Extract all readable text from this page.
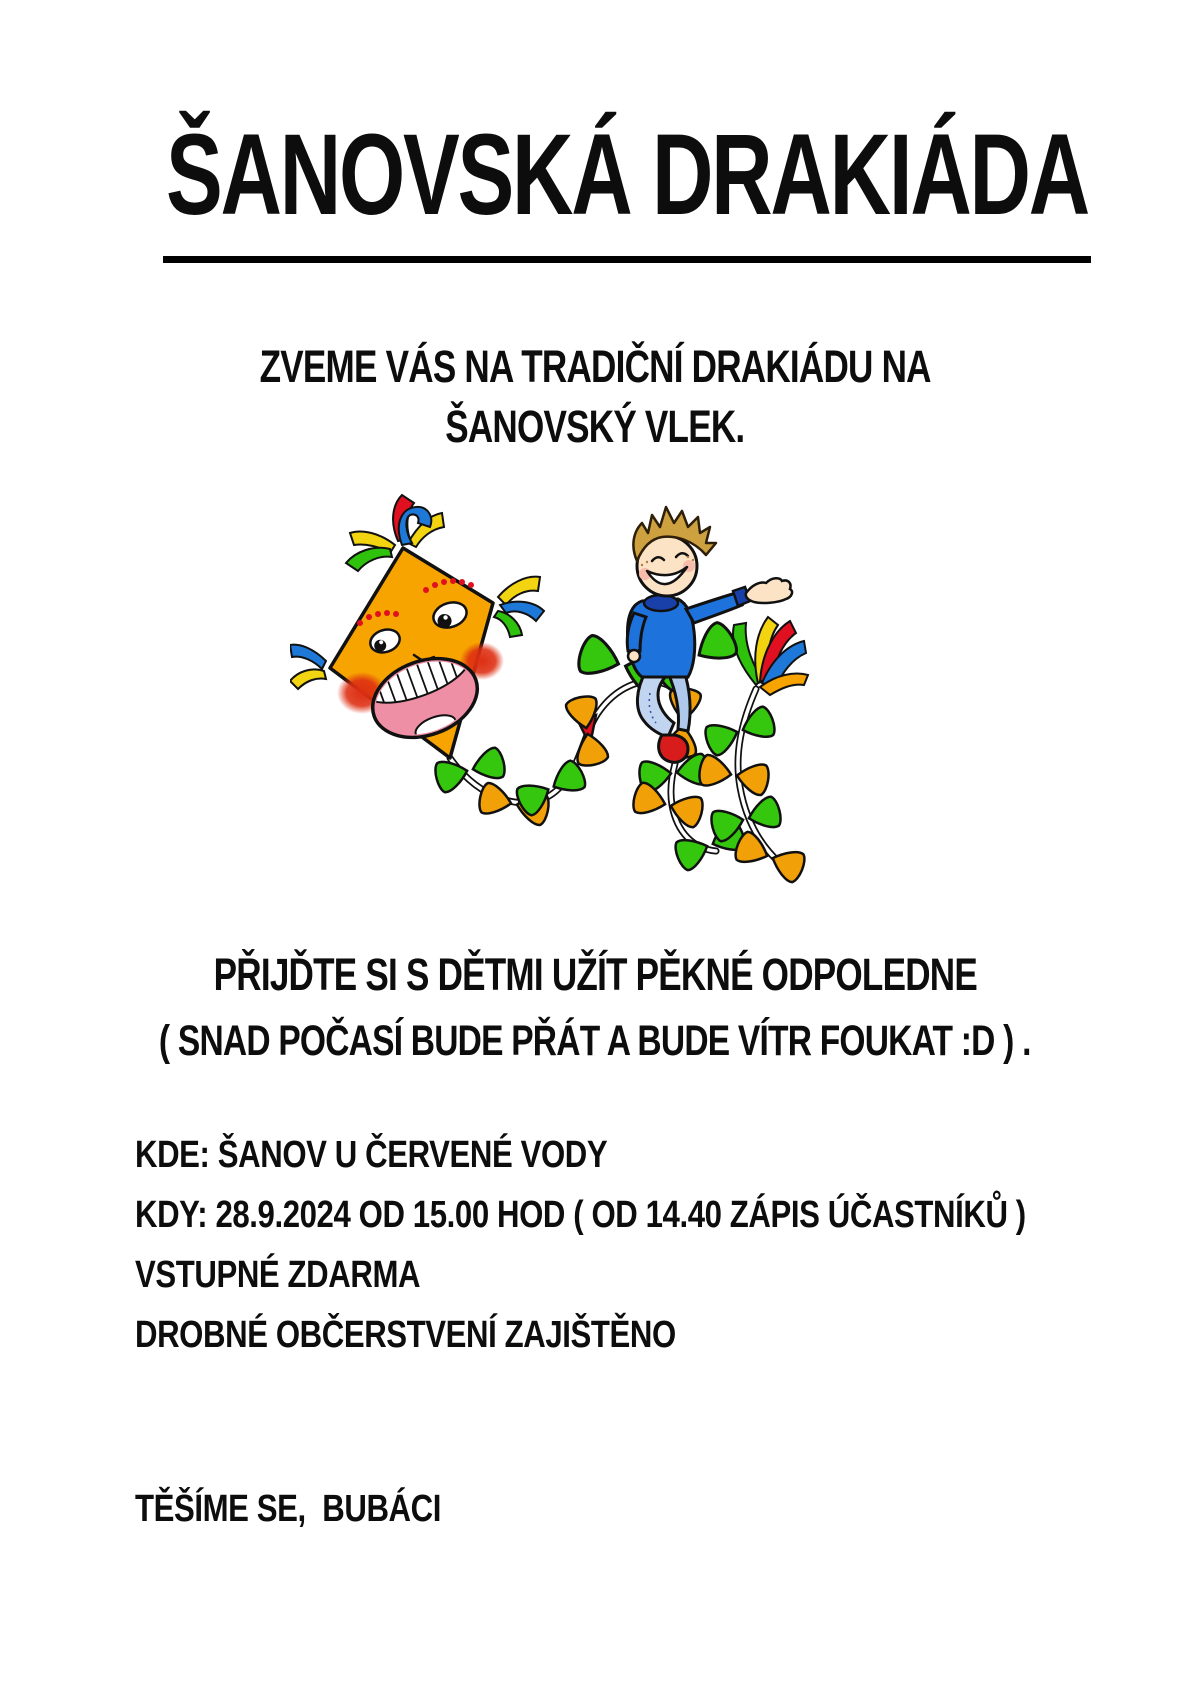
ŠANOVSKÁ DRAKIÁDA

ZVEME VÁS NA TRADIČNÍ DRAKIÁDU NA
ŠANOVSKÝ VLEK.

PŘIJĎTE SI S DĚTMI UŽÍT PĚKNÉ ODPOLEDNE

( SNAD POČASÍ BUDE PŘÁT A BUDE VÍTR FOUKAT :D ) .

KDE: ŠANOV U ČERVENÉ VODY

KDY: 28.9.2024 OD 15.00 HOD ( OD 14.40 ZÁPIS ÚČASTNÍKŮ )

VSTUPNÉ ZDARMA

DROBNÉ OBČERSTVENÍ ZAJIŠTĚNO

TĚŠÍME SE,  BUBÁCI
